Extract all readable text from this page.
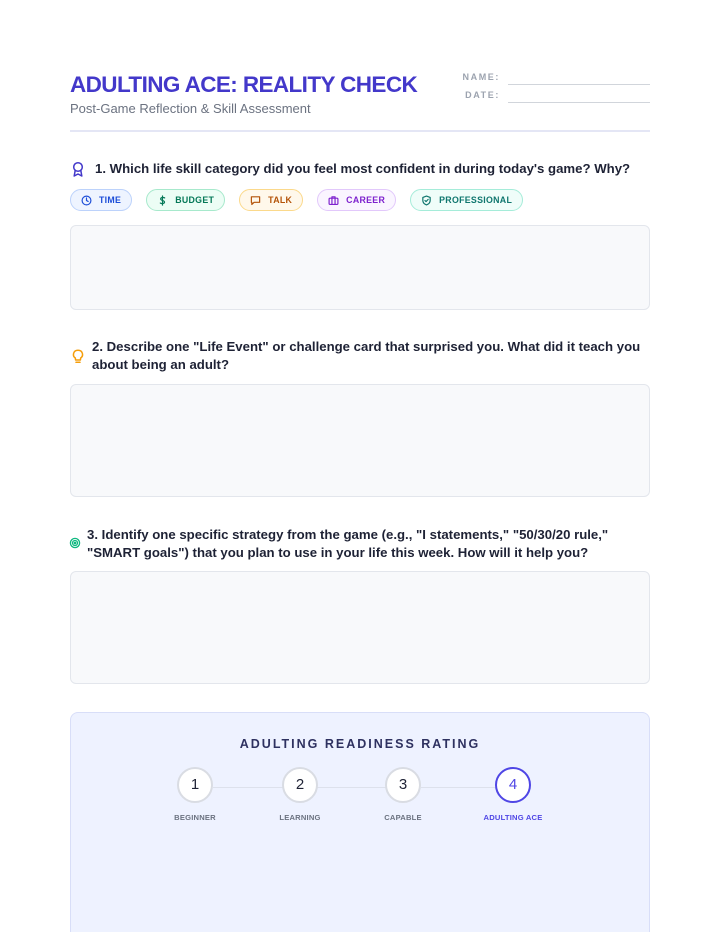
ADULTING ACE: REALITY CHECK
Post-Game Reflection & Skill Assessment
NAME:
DATE:
1. Which life skill category did you feel most confident in during today's game? Why?
TIME	BUDGET	TALK	CAREER	PROFESSIONAL
2. Describe one "Life Event" or challenge card that surprised you. What did it teach you about being an adult?
3. Identify one specific strategy from the game (e.g., "I statements," "50/30/20 rule," "SMART goals") that you plan to use in your life this week. How will it help you?
ADULTING READINESS RATING
1
BEGINNER
2
LEARNING
3
CAPABLE
4
ADULTING ACE
